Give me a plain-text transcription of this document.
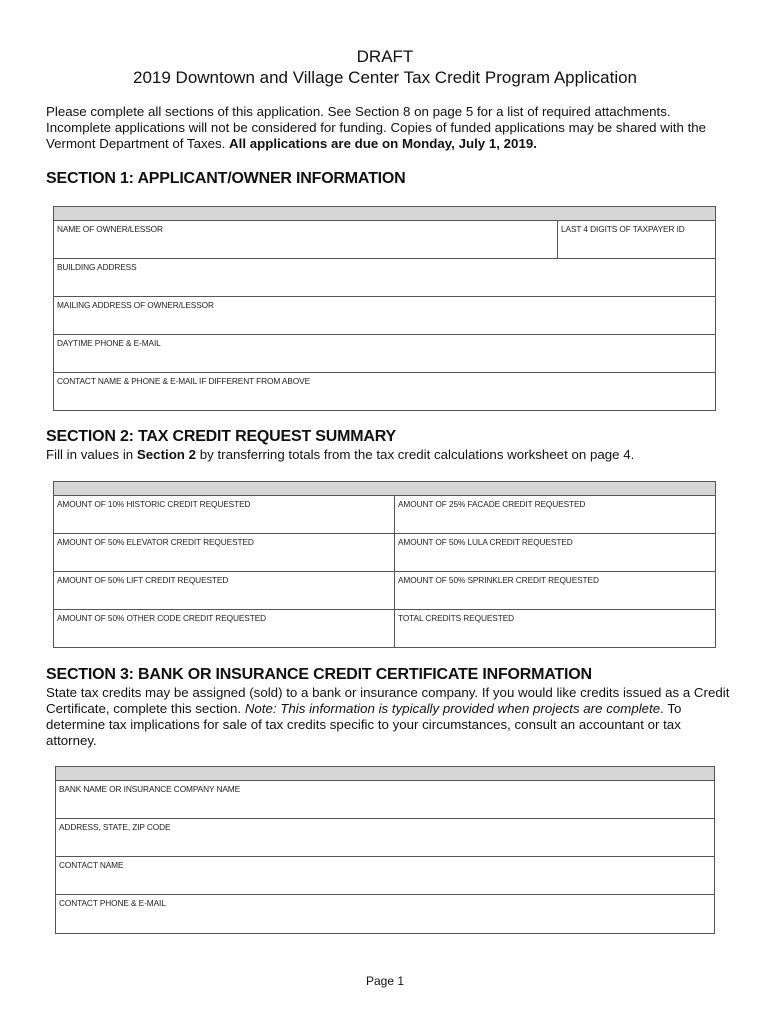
DRAFT
2019 Downtown and Village Center Tax Credit Program Application
Please complete all sections of this application. See Section 8 on page 5 for a list of required attachments.
Incomplete applications will not be considered for funding. Copies of funded applications may be shared with the
Vermont Department of Taxes. All applications are due on Monday, July 1, 2019.
SECTION 1: APPLICANT/OWNER INFORMATION
NAME OF OWNER/LESSOR	LAST 4 DIGITS OF TAXPAYER ID
BUILDING ADDRESS
MAILING ADDRESS OF OWNER/LESSOR
DAYTIME PHONE & E-MAIL
CONTACT NAME & PHONE & E-MAIL IF DIFFERENT FROM ABOVE
SECTION 2: TAX CREDIT REQUEST SUMMARY
Fill in values in Section 2 by transferring totals from the tax credit calculations worksheet on page 4.
AMOUNT OF 10% HISTORIC CREDIT REQUESTED	AMOUNT OF 25% FACADE CREDIT REQUESTED
AMOUNT OF 50% ELEVATOR CREDIT REQUESTED	AMOUNT OF 50% LULA CREDIT REQUESTED
AMOUNT OF 50% LIFT CREDIT REQUESTED	AMOUNT OF 50% SPRINKLER CREDIT REQUESTED
AMOUNT OF 50% OTHER CODE CREDIT REQUESTED	TOTAL CREDITS REQUESTED
SECTION 3: BANK OR INSURANCE CREDIT CERTIFICATE INFORMATION
State tax credits may be assigned (sold) to a bank or insurance company. If you would like credits issued as a Credit
Certificate, complete this section. Note: This information is typically provided when projects are complete. To
determine tax implications for sale of tax credits specific to your circumstances, consult an accountant or tax
attorney.
BANK NAME OR INSURANCE COMPANY NAME
ADDRESS, STATE, ZIP CODE
CONTACT NAME
CONTACT PHONE & E-MAIL
Page 1
